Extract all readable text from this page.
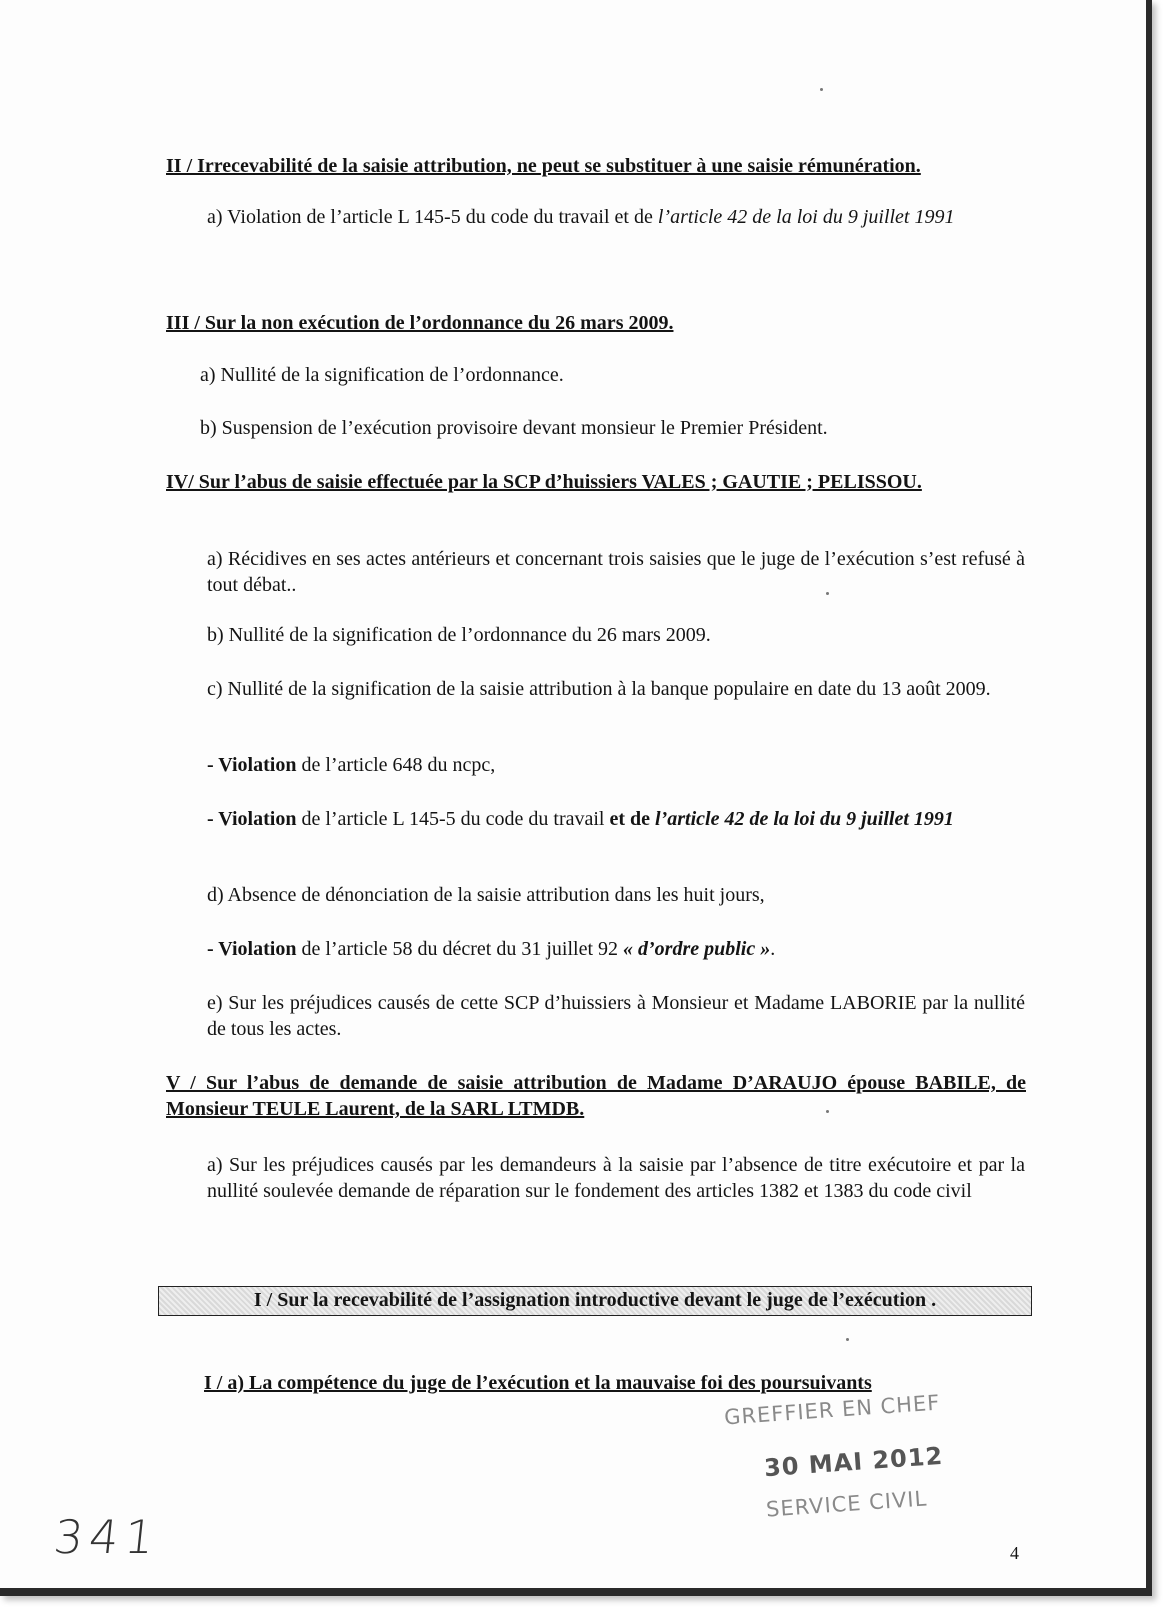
II / Irrecevabilité de la saisie attribution, ne peut se substituer à une saisie rémunération.

a) Violation de l’article L 145-5 du code du travail et de l’article 42 de la loi du 9 juillet 1991

III / Sur la non exécution de l’ordonnance du 26 mars 2009.

a) Nullité de la signification de l’ordonnance.

b) Suspension de l’exécution provisoire devant monsieur le Premier Président.

IV/ Sur l’abus de saisie effectuée par la SCP d’huissiers VALES ; GAUTIE ; PELISSOU.

a) Récidives en ses actes antérieurs et concernant trois saisies que le juge de l’exécution s’est refusé à tout débat..

b) Nullité de la signification de l’ordonnance du 26 mars 2009.

c) Nullité de la signification de la saisie attribution à la banque populaire en date du 13 août 2009.

- Violation de l’article 648 du ncpc,

- Violation de l’article L 145-5 du code du travail et de l’article 42 de la loi du 9 juillet 1991

d) Absence de dénonciation de la saisie attribution dans les huit jours,

- Violation de l’article 58 du décret du 31 juillet 92 « d’ordre public ».

e) Sur les préjudices causés de cette SCP d’huissiers à Monsieur et Madame LABORIE par la nullité de tous les actes.

V / Sur l’abus de demande de saisie attribution de Madame D’ARAUJO épouse BABILE, de Monsieur TEULE Laurent, de la SARL LTMDB.

a) Sur les préjudices causés par les demandeurs à la saisie par l’absence de titre exécutoire et par la nullité soulevée demande de réparation sur le fondement des articles 1382 et 1383 du code civil

I / Sur la recevabilité de l’assignation introductive devant le juge de l’exécution .

I / a) La compétence du juge de l’exécution et la mauvaise foi des poursuivants

GREFFIER EN CHEF
30 MAI 2012
SERVICE CIVIL
341	4
